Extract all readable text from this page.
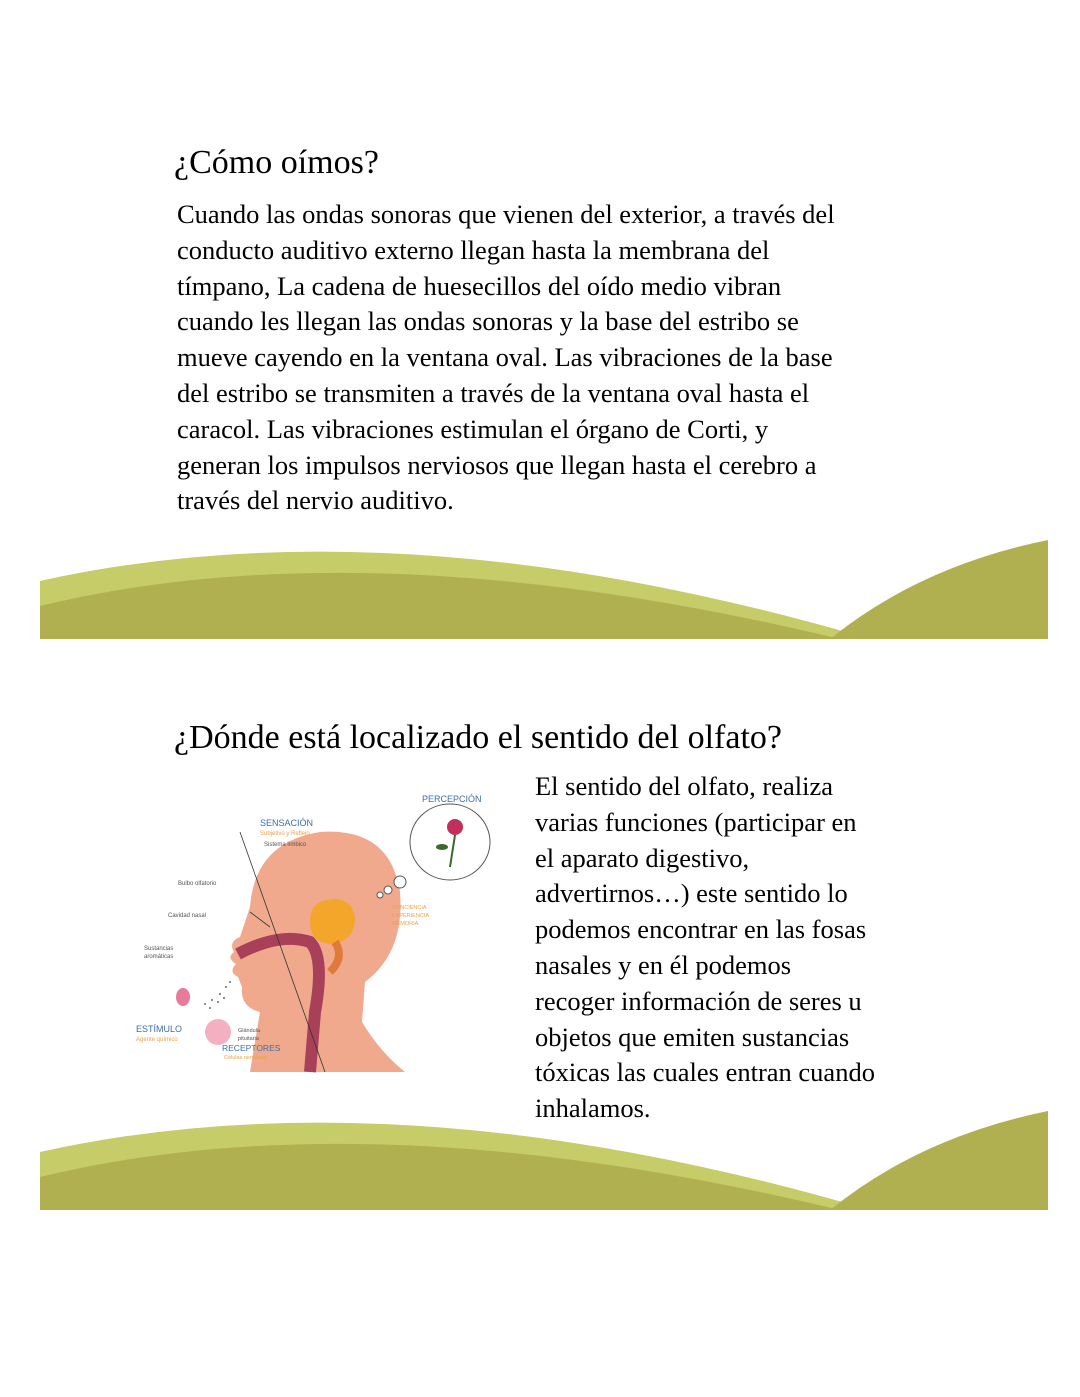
¿Cómo oímos?
Cuando las ondas sonoras que vienen del exterior, a través del
conducto auditivo externo llegan hasta la membrana del
tímpano, La cadena de huesecillos del oído medio vibran
cuando les llegan las ondas sonoras y la base del estribo se
mueve cayendo en la ventana oval. Las vibraciones de la base
del estribo se transmiten a través de la ventana oval hasta el
caracol. Las vibraciones estimulan el órgano de Corti, y
generan los impulsos nerviosos que llegan hasta el cerebro a
través del nervio auditivo.
¿Dónde está localizado el sentido del olfato?
El sentido del olfato, realiza
varias funciones (participar en
el aparato digestivo,
advertirnos…) este sentido lo
podemos encontrar en las fosas
nasales y en él podemos
recoger información de seres u
objetos que emiten sustancias
tóxicas las cuales entran cuando
inhalamos.
PERCEPCIÓN
SENSACIÓN
Subjetivo y Reflejo
Sistema límbico
Bulbo olfatorio
Cavidad nasal
Sustancias
aromáticas
CONCIENCIA
EXPERIENCIA
MEMORIA
ESTÍMULO
Agente químico
Glándula
pituitaria
RECEPTORES
Células nerviosas
